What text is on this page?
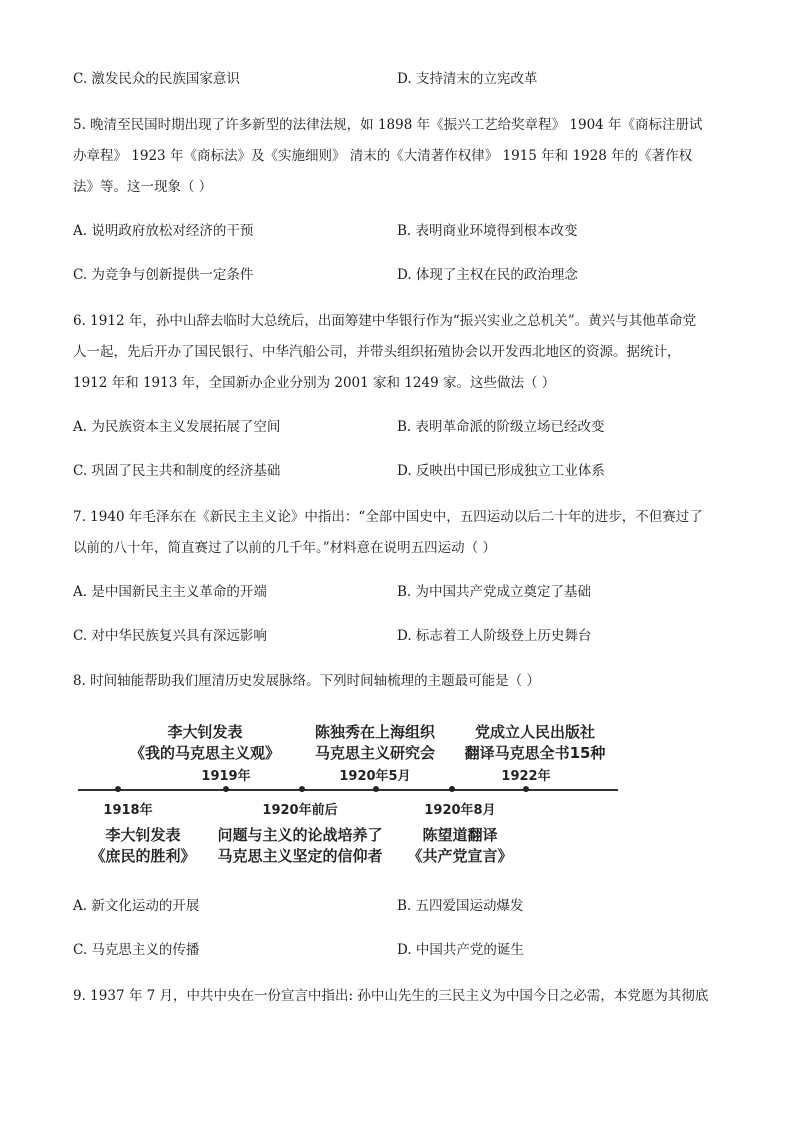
C. 激发民众的民族国家意识	D. 支持清末的立宪改革
5. 晚清至民国时期出现了许多新型的法律法规，如 1898 年《振兴工艺给奖章程》 1904 年《商标注册试
办章程》 1923 年《商标法》及《实施细则》 清末的《大清著作权律》 1915 年和 1928 年的《著作权
法》等。这一现象（ ）
A. 说明政府放松对经济的干预	B. 表明商业环境得到根本改变
C. 为竞争与创新提供一定条件	D. 体现了主权在民的政治理念
6. 1912 年，孙中山辞去临时大总统后，出面筹建中华银行作为“振兴实业之总机关”。黄兴与其他革命党
人一起，先后开办了国民银行、中华汽船公司，并带头组织拓殖协会以开发西北地区的资源。据统计，
1912 年和 1913 年，全国新办企业分别为 2001 家和 1249 家。这些做法（ ）
A. 为民族资本主义发展拓展了空间	B. 表明革命派的阶级立场已经改变
C. 巩固了民主共和制度的经济基础	D. 反映出中国已形成独立工业体系
7. 1940 年毛泽东在《新民主主义论》中指出：“全部中国史中，五四运动以后二十年的进步，不但赛过了
以前的八十年，简直赛过了以前的几千年。”材料意在说明五四运动（ ）
A. 是中国新民主主义革命的开端	B. 为中国共产党成立奠定了基础
C. 对中华民族复兴具有深远影响	D. 标志着工人阶级登上历史舞台
8. 时间轴能帮助我们厘清历史发展脉络。下列时间轴梳理的主题最可能是（ ）
李大钊发表
《我的马克思主义观》
1919年
陈独秀在上海组织
马克思主义研究会
1920年5月
党成立人民出版社
翻译马克思全书15种
1922年
1918年
李大钊发表
《庶民的胜利》
1920年前后
问题与主义的论战培养了
马克思主义坚定的信仰者
1920年8月
陈望道翻译
《共产党宣言》
A. 新文化运动的开展	B. 五四爱国运动爆发
C. 马克思主义的传播	D. 中国共产党的诞生
9. 1937 年 7 月，中共中央在一份宣言中指出: 孙中山先生的三民主义为中国今日之必需，本党愿为其彻底
